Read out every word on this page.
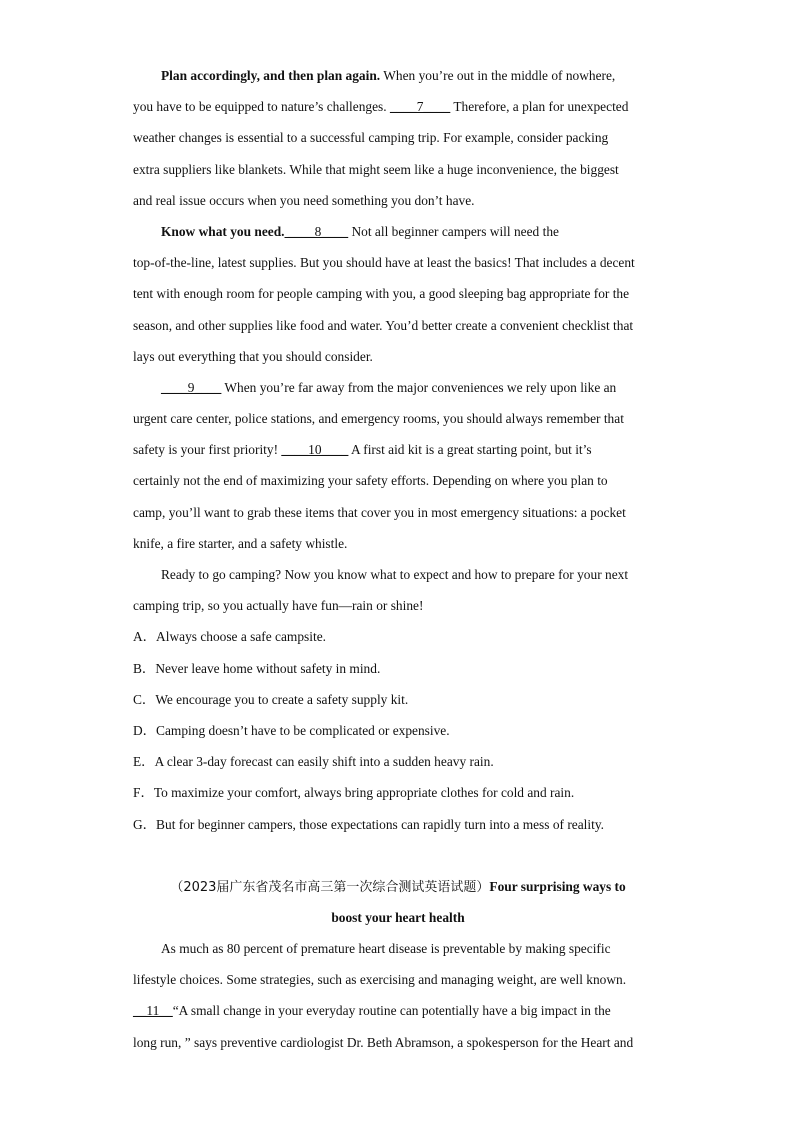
Plan accordingly, and then plan again. When you’re out in the middle of nowhere,
you have to be equipped to nature’s challenges. ____7____ Therefore, a plan for unexpected
weather changes is essential to a successful camping trip. For example, consider packing
extra suppliers like blankets. While that might seem like a huge inconvenience, the biggest
and real issue occurs when you need something you don’t have.
Know what you need. ____8____ Not all beginner campers will need the
top-of-the-line, latest supplies. But you should have at least the basics! That includes a decent
tent with enough room for people camping with you, a good sleeping bag appropriate for the
season, and other supplies like food and water. You’d better create a convenient checklist that
lays out everything that you should consider.
____9____ When you’re far away from the major conveniences we rely upon like an
urgent care center, police stations, and emergency rooms, you should always remember that
safety is your first priority! ____10____ A first aid kit is a great starting point, but it’s
certainly not the end of maximizing your safety efforts. Depending on where you plan to
camp, you’ll want to grab these items that cover you in most emergency situations: a pocket
knife, a fire starter, and a safety whistle.
Ready to go camping? Now you know what to expect and how to prepare for your next
camping trip, so you actually have fun—rain or shine!
A．Always choose a safe campsite.
B．Never leave home without safety in mind.
C．We encourage you to create a safety supply kit.
D．Camping doesn’t have to be complicated or expensive.
E．A clear 3-day forecast can easily shift into a sudden heavy rain.
F．To maximize your comfort, always bring appropriate clothes for cold and rain.
G．But for beginner campers, those expectations can rapidly turn into a mess of reality.
（2023届广东省茂名市高三第一次综合测试英语试题）Four surprising ways to
boost your heart health
As much as 80 percent of premature heart disease is preventable by making specific
lifestyle choices. Some strategies, such as exercising and managing weight, are well known.
__11__“A small change in your everyday routine can potentially have a big impact in the
long run, ” says preventive cardiologist Dr. Beth Abramson, a spokesperson for the Heart and
